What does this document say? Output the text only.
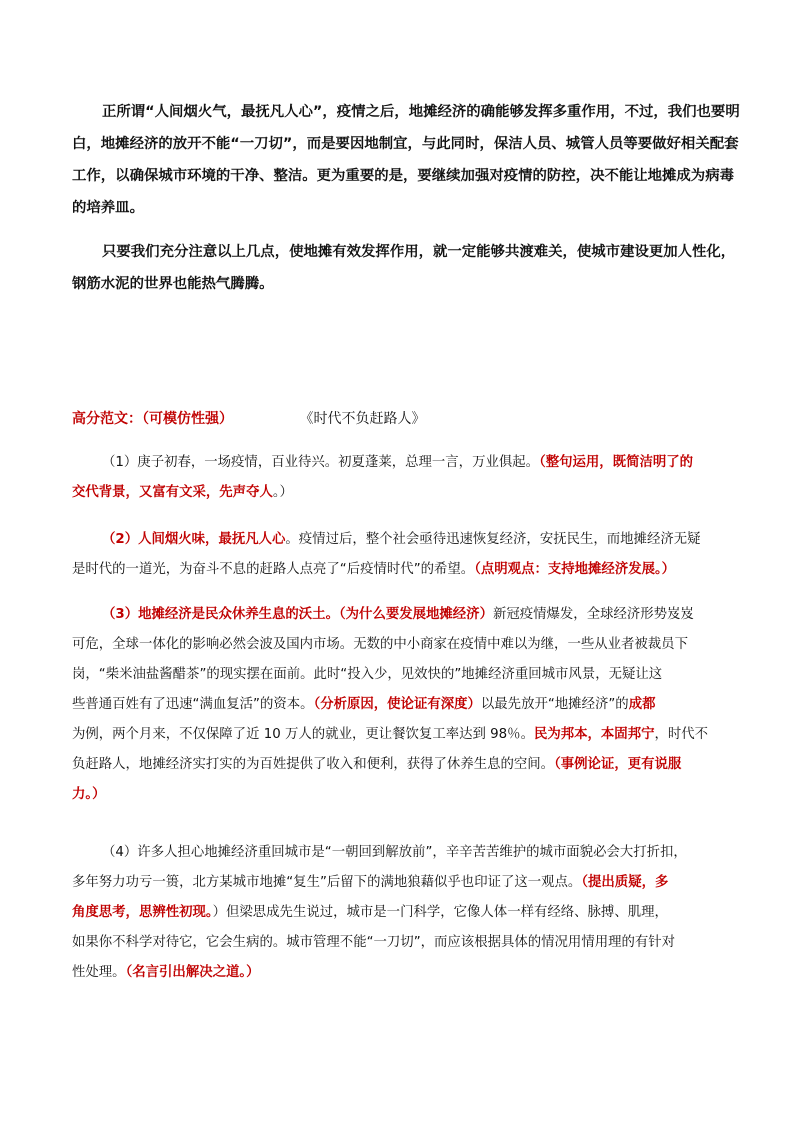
正所谓“人间烟火气，最抚凡人心”，疫情之后，地摊经济的确能够发挥多重作用，不过，我们也要明
白，地摊经济的放开不能“一刀切”，而是要因地制宜，与此同时，保洁人员、城管人员等要做好相关配套
工作，以确保城市环境的干净、整洁。更为重要的是，要继续加强对疫情的防控，决不能让地摊成为病毒
的培养皿。
只要我们充分注意以上几点，使地摊有效发挥作用，就一定能够共渡难关，使城市建设更加人性化，
钢筋水泥的世界也能热气腾腾。
高分范文：（可模仿性强）	《时代不负赶路人》
（1）庚子初春，一场疫情，百业待兴。初夏蓬莱，总理一言，万业俱起。（整句运用，既简洁明了的
交代背景，又富有文采，先声夺人。）
（2）人间烟火味，最抚凡人心。疫情过后，整个社会亟待迅速恢复经济，安抚民生，而地摊经济无疑
是时代的一道光，为奋斗不息的赶路人点亮了“后疫情时代”的希望。（点明观点：支持地摊经济发展。）
（3）地摊经济是民众休养生息的沃土。（为什么要发展地摊经济）新冠疫情爆发，全球经济形势岌岌
可危，全球一体化的影响必然会波及国内市场。无数的中小商家在疫情中难以为继，一些从业者被裁员下
岗，“柴米油盐酱醋茶”的现实摆在面前。此时“投入少，见效快的”地摊经济重回城市风景，无疑让这
些普通百姓有了迅速“满血复活”的资本。（分析原因，使论证有深度）以最先放开“地摊经济”的成都
为例，两个月来，不仅保障了近 10 万人的就业，更让餐饮复工率达到 98％。民为邦本，本固邦宁，时代不
负赶路人，地摊经济实打实的为百姓提供了收入和便利，获得了休养生息的空间。（事例论证，更有说服
力。）
（4）许多人担心地摊经济重回城市是“一朝回到解放前”，辛辛苦苦维护的城市面貌必会大打折扣，
多年努力功亏一篑，北方某城市地摊“复生”后留下的满地狼藉似乎也印证了这一观点。（提出质疑，多
角度思考，思辨性初现。）但梁思成先生说过，城市是一门科学，它像人体一样有经络、脉搏、肌理，
如果你不科学对待它，它会生病的。城市管理不能“一刀切”，而应该根据具体的情况用情用理的有针对
性处理。（名言引出解决之道。）
